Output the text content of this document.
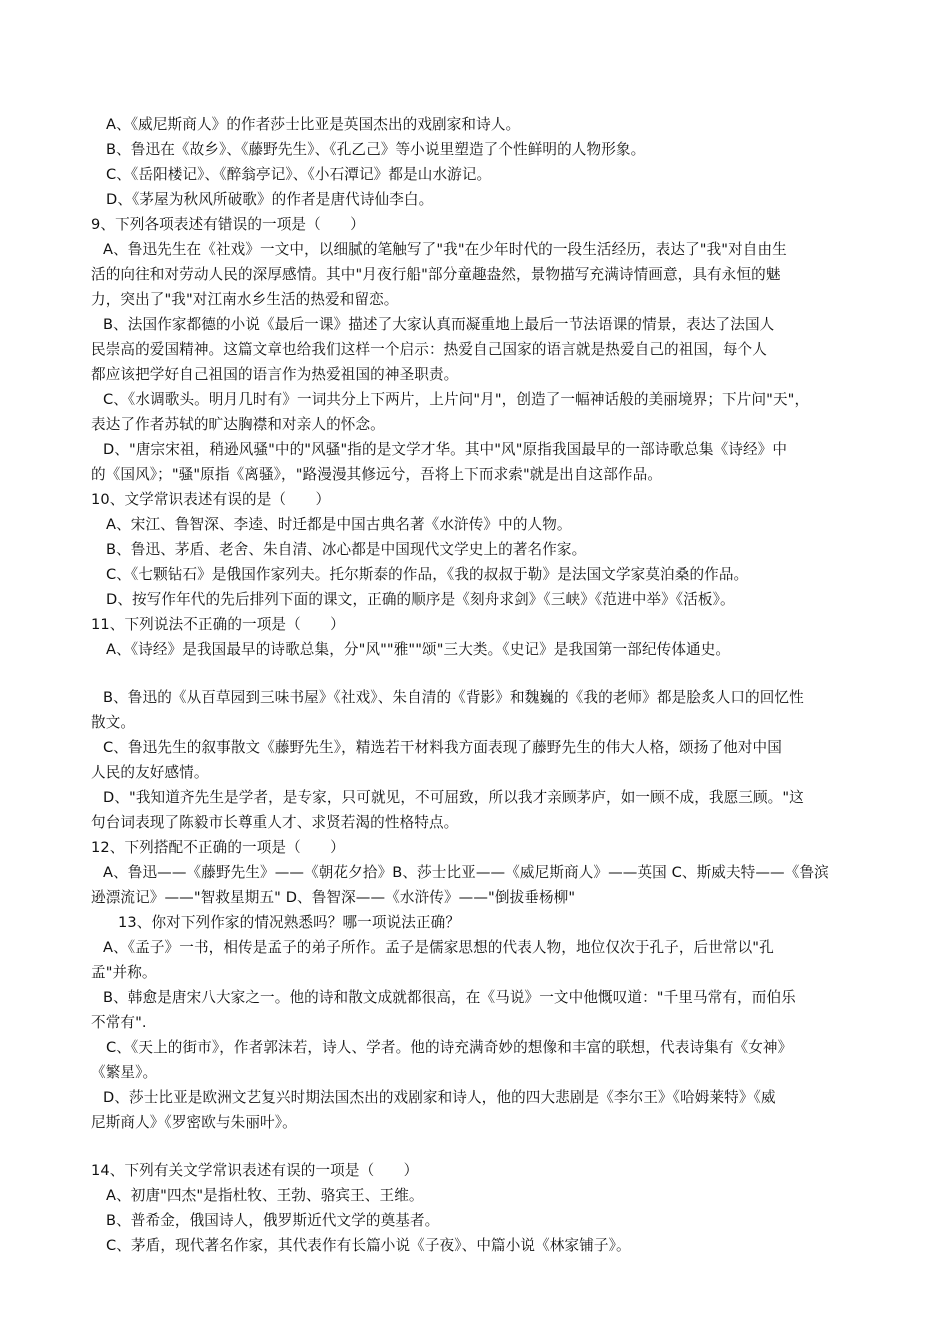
A、《威尼斯商人》的作者莎士比亚是英国杰出的戏剧家和诗人。
B、鲁迅在《故乡》、《藤野先生》、《孔乙己》等小说里塑造了个性鲜明的人物形象。
C、《岳阳楼记》、《醉翁亭记》、《小石潭记》都是山水游记。
D、《茅屋为秋风所破歌》的作者是唐代诗仙李白。
9、下列各项表述有错误的一项是（　　）
A、鲁迅先生在《社戏》一文中，以细腻的笔触写了"我"在少年时代的一段生活经历，表达了"我"对自由生
活的向往和对劳动人民的深厚感情。其中"月夜行船"部分童趣盎然，景物描写充满诗情画意，具有永恒的魅
力，突出了"我"对江南水乡生活的热爱和留恋。
B、法国作家都德的小说《最后一课》描述了大家认真而凝重地上最后一节法语课的情景，表达了法国人
民崇高的爱国精神。这篇文章也给我们这样一个启示：热爱自己国家的语言就是热爱自己的祖国，每个人
都应该把学好自己祖国的语言作为热爱祖国的神圣职责。
C、《水调歌头。明月几时有》一词共分上下两片，上片问"月"，创造了一幅神话般的美丽境界；下片问"天"，
表达了作者苏轼的旷达胸襟和对亲人的怀念。
D、"唐宗宋祖，稍逊风骚"中的"风骚"指的是文学才华。其中"风"原指我国最早的一部诗歌总集《诗经》中
的《国风》；"骚"原指《离骚》，"路漫漫其修远兮，吾将上下而求索"就是出自这部作品。
10、文学常识表述有误的是（　　）
A、宋江、鲁智深、李逵、时迁都是中国古典名著《水浒传》中的人物。
B、鲁迅、茅盾、老舍、朱自清、冰心都是中国现代文学史上的著名作家。
C、《七颗钻石》是俄国作家列夫。托尔斯泰的作品，《我的叔叔于勒》是法国文学家莫泊桑的作品。
D、按写作年代的先后排列下面的课文，正确的顺序是《刻舟求剑》《三峡》《范进中举》《活板》。
11、下列说法不正确的一项是（　　）
A、《诗经》是我国最早的诗歌总集，分"风""雅""颂"三大类。《史记》是我国第一部纪传体通史。
B、鲁迅的《从百草园到三味书屋》《社戏》、朱自清的《背影》和魏巍的《我的老师》都是脍炙人口的回忆性
散文。
C、鲁迅先生的叙事散文《藤野先生》，精选若干材料我方面表现了藤野先生的伟大人格，颂扬了他对中国
人民的友好感情。
D、"我知道齐先生是学者，是专家，只可就见，不可屈致，所以我才亲顾茅庐，如一顾不成，我愿三顾。"这
句台词表现了陈毅市长尊重人才、求贤若渴的性格特点。
12、下列搭配不正确的一项是（　　）
A、鲁迅——《藤野先生》——《朝花夕拾》B、莎士比亚——《威尼斯商人》——英国 C、斯威夫特——《鲁滨
逊漂流记》——"智救星期五" D、鲁智深——《水浒传》——"倒拔垂杨柳"
13、你对下列作家的情况熟悉吗？哪一项说法正确？
A、《孟子》一书，相传是孟子的弟子所作。孟子是儒家思想的代表人物，地位仅次于孔子，后世常以"孔
孟"并称。
B、韩愈是唐宋八大家之一。他的诗和散文成就都很高，在《马说》一文中他慨叹道："千里马常有，而伯乐
不常有".
C、《天上的街市》，作者郭沫若，诗人、学者。他的诗充满奇妙的想像和丰富的联想，代表诗集有《女神》
《繁星》。
D、莎士比亚是欧洲文艺复兴时期法国杰出的戏剧家和诗人，他的四大悲剧是《李尔王》《哈姆莱特》《威
尼斯商人》《罗密欧与朱丽叶》。
14、下列有关文学常识表述有误的一项是（　　）
A、初唐"四杰"是指杜牧、王勃、骆宾王、王维。
B、普希金，俄国诗人，俄罗斯近代文学的奠基者。
C、茅盾，现代著名作家，其代表作有长篇小说《子夜》、中篇小说《林家铺子》。
